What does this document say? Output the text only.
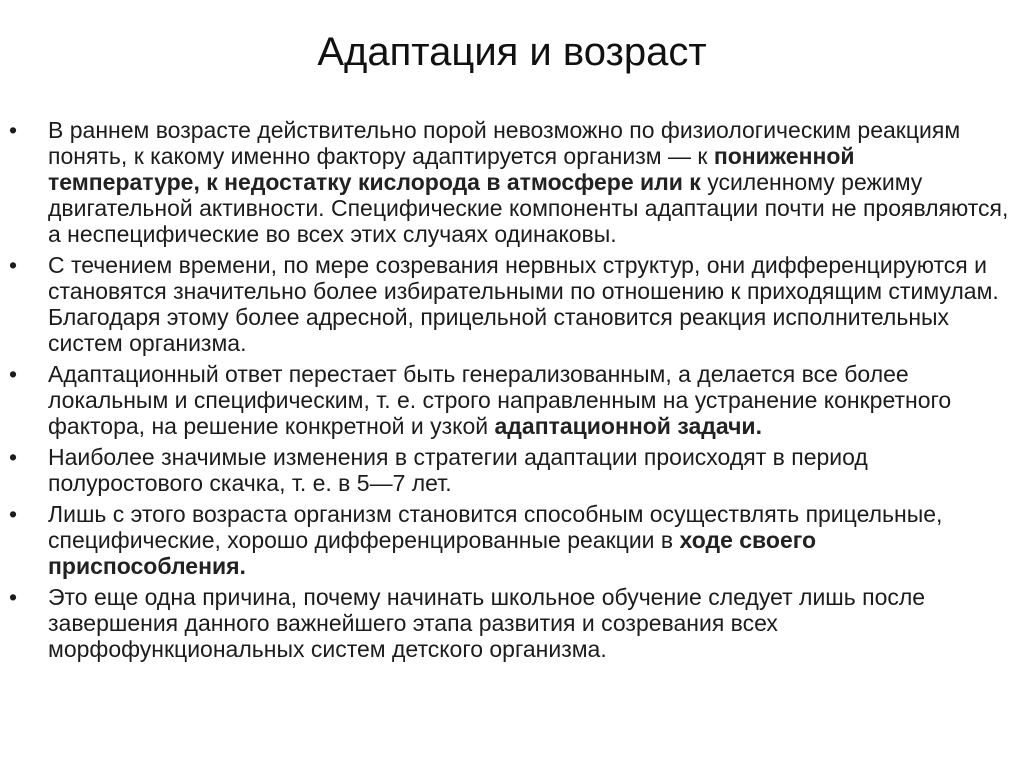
Адаптация и возраст
• В раннем возрасте действительно порой невозможно по физиологическим реакциям понять, к какому именно фактору адаптируется организм — к пониженной температуре, к недостатку кислорода в атмосфере или к усиленному режиму двигательной активности. Специфические компоненты адаптации почти не проявляются, а неспецифические во всех этих случаях одинаковы.
• С течением времени, по мере созревания нервных структур, они дифференцируются и становятся значительно более избирательными по отношению к приходящим стимулам. Благодаря этому более адресной, прицельной становится реакция исполнительных систем организма.
• Адаптационный ответ перестает быть генерализованным, а делается все более локальным и специфическим, т. е. строго направленным на устранение конкретного фактора, на решение конкретной и узкой адаптационной задачи.
• Наиболее значимые изменения в стратегии адаптации происходят в период полуростового скачка, т. е. в 5—7 лет.
• Лишь с этого возраста организм становится способным осуществлять прицельные, специфические, хорошо дифференцированные реакции в ходе своего приспособления.
• Это еще одна причина, почему начинать школьное обучение следует лишь после завершения данного важнейшего этапа развития и созревания всех морфофункциональных систем детского организма.
